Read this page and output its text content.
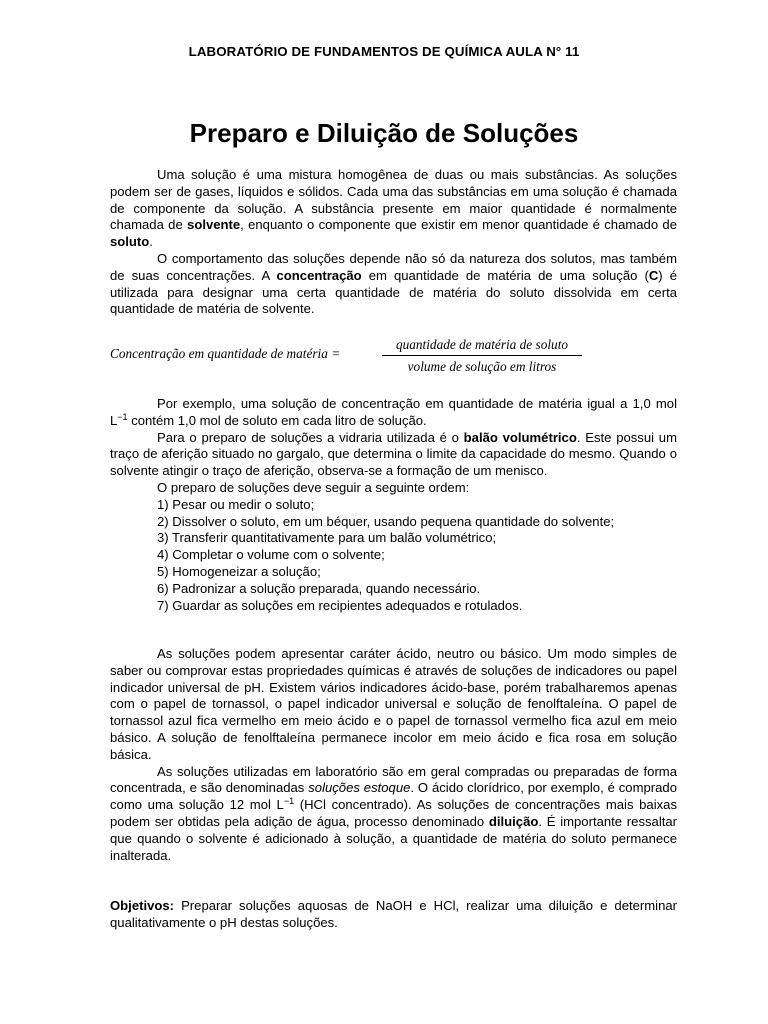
LABORATÓRIO DE FUNDAMENTOS DE QUÍMICA AULA N° 11
Preparo e Diluição de Soluções

Uma solução é uma mistura homogênea de duas ou mais substâncias. As soluções podem ser de gases, líquidos e sólidos. Cada uma das substâncias em uma solução é chamada de componente da solução. A substância presente em maior quantidade é normalmente chamada de solvente, enquanto o componente que existir em menor quantidade é chamado de soluto.

O comportamento das soluções depende não só da natureza dos solutos, mas também de suas concentrações. A concentração em quantidade de matéria de uma solução (C) é utilizada para designar uma certa quantidade de matéria do soluto dissolvida em certa quantidade de matéria de solvente.

Concentração em quantidade de matéria =
quantidade de matéria de soluto
volume de solução em litros

Por exemplo, uma solução de concentração em quantidade de matéria igual a 1,0 mol $L^{-1}$ contém 1,0 mol de soluto em cada litro de solução.

Para o preparo de soluções a vidraria utilizada é o balão volumétrico. Este possui um traço de aferição situado no gargalo, que determina o limite da capacidade do mesmo. Quando o solvente atingir o traço de aferição, observa-se a formação de um menisco.

O preparo de soluções deve seguir a seguinte ordem:

1) Pesar ou medir o soluto;
2) Dissolver o soluto, em um béquer, usando pequena quantidade do solvente;
3) Transferir quantitativamente para um balão volumétrico;
4) Completar o volume com o solvente;
5) Homogeneizar a solução;
6) Padronizar a solução preparada, quando necessário.
7) Guardar as soluções em recipientes adequados e rotulados.

As soluções podem apresentar caráter ácido, neutro ou básico. Um modo simples de saber ou comprovar estas propriedades químicas é através de soluções de indicadores ou papel indicador universal de pH. Existem vários indicadores ácido-base, porém trabalharemos apenas com o papel de tornassol, o papel indicador universal e solução de fenolftaleína. O papel de tornassol azul fica vermelho em meio ácido e o papel de tornassol vermelho fica azul em meio básico. A solução de fenolftaleína permanece incolor em meio ácido e fica rosa em solução básica.

As soluções utilizadas em laboratório são em geral compradas ou preparadas de forma concentrada, e são denominadas soluções estoque. O ácido clorídrico, por exemplo, é comprado como uma solução 12 mol $L^{-1}$ (HCl concentrado). As soluções de concentrações mais baixas podem ser obtidas pela adição de água, processo denominado diluição. É importante ressaltar que quando o solvente é adicionado à solução, a quantidade de matéria do soluto permanece inalterada.

Objetivos: Preparar soluções aquosas de NaOH e HCl, realizar uma diluição e determinar qualitativamente o pH destas soluções.
